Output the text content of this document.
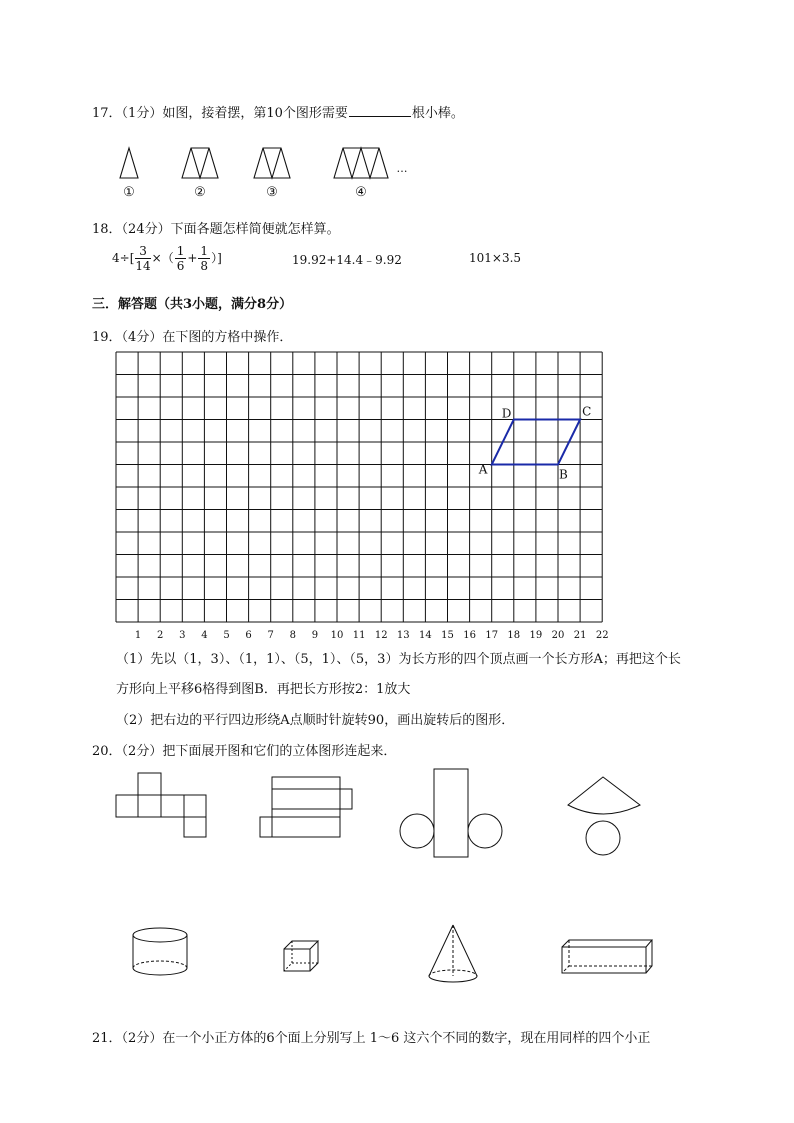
17．（1分）如图，接着摆，第10个图形需要	根小棒。
①	②	③	④
…
18．（24分）下面各题怎样简便就怎样算。
$4\div[ \frac{3}{14}$ ×（ $\frac{1}{6} + \frac{1}{8}$ ）]	19.92+14.4﹣9.92	101×3.5
三．解答题（共3小题，满分8分）
19．（4分）在下图的方格中操作．
1 2 3 4 5 6 7 8 9 10 11 12 13 14 15 16 17 18 19 20 21 22
A	B
C
D
（1）先以（1，3）、（1，1）、（5，1）、（5，3）为长方形的四个顶点画一个长方形A；再把这个长
方形向上平移6格得到图B．再把长方形按2：1放大
（2）把右边的平行四边形绕A点顺时针旋转90，画出旋转后的图形．
20．（2分）把下面展开图和它们的立体图形连起来．
21．（2分）在一个小正方体的6个面上分别写上 1～6 这六个不同的数字，现在用同样的四个小正
